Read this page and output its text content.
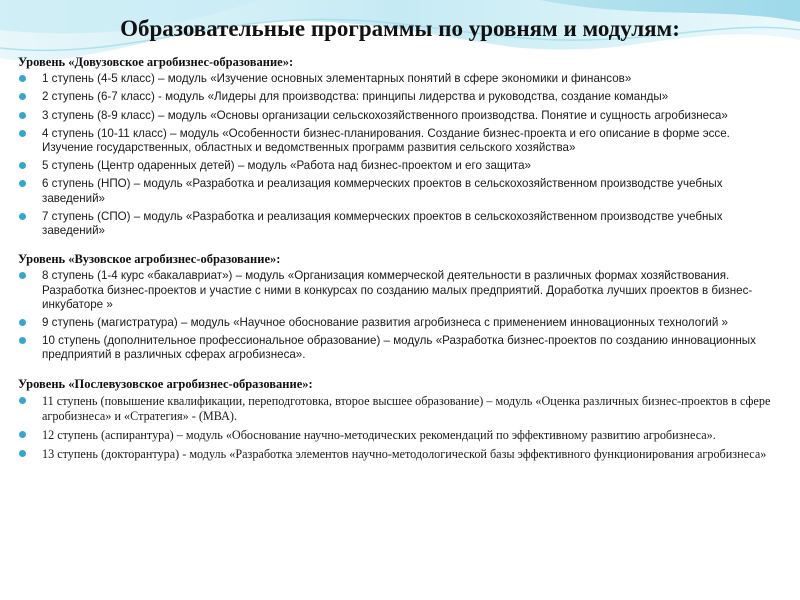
Образовательные программы по уровням и модулям:
Уровень «Довузовское агробизнес-образование»:
1 ступень (4-5 класс) – модуль «Изучение основных элементарных понятий в сфере экономики и финансов»
2 ступень (6-7 класс) - модуль «Лидеры для производства: принципы лидерства и руководства, создание команды»
3 ступень (8-9 класс) – модуль «Основы организации сельскохозяйственного производства. Понятие и сущность агробизнеса»
4 ступень (10-11 класс) – модуль «Особенности бизнес-планирования. Создание бизнес-проекта и его описание в форме эссе. Изучение государственных, областных и ведомственных программ развития сельского хозяйства»
5 ступень (Центр одаренных детей) – модуль «Работа над бизнес-проектом и его защита»
6 ступень (НПО) – модуль «Разработка и реализация коммерческих проектов в сельскохозяйственном производстве учебных заведений»
7 ступень (СПО) – модуль «Разработка и реализация коммерческих проектов в сельскохозяйственном производстве учебных заведений»
Уровень «Вузовское агробизнес-образование»:
8 ступень (1-4 курс «бакалавриат») – модуль «Организация коммерческой деятельности в различных формах хозяйствования. Разработка бизнес-проектов и участие с ними в конкурсах по созданию малых предприятий. Доработка лучших проектов в бизнес-инкубаторе »
9 ступень (магистратура) – модуль «Научное обоснование развития агробизнеса с применением инновационных технологий »
10 ступень (дополнительное профессиональное образование) – модуль «Разработка бизнес-проектов по созданию инновационных предприятий в различных сферах агробизнеса».
Уровень «Послевузовское агробизнес-образование»:
11 ступень (повышение квалификации, переподготовка, второе высшее образование) – модуль «Оценка различных бизнес-проектов в сфере агробизнеса» и «Стратегия» - (МВА).
12 ступень (аспирантура) – модуль «Обоснование научно-методических рекомендаций по эффективному развитию агробизнеса».
13 ступень (докторантура) - модуль «Разработка элементов научно-методологической базы эффективного функционирования агробизнеса»
